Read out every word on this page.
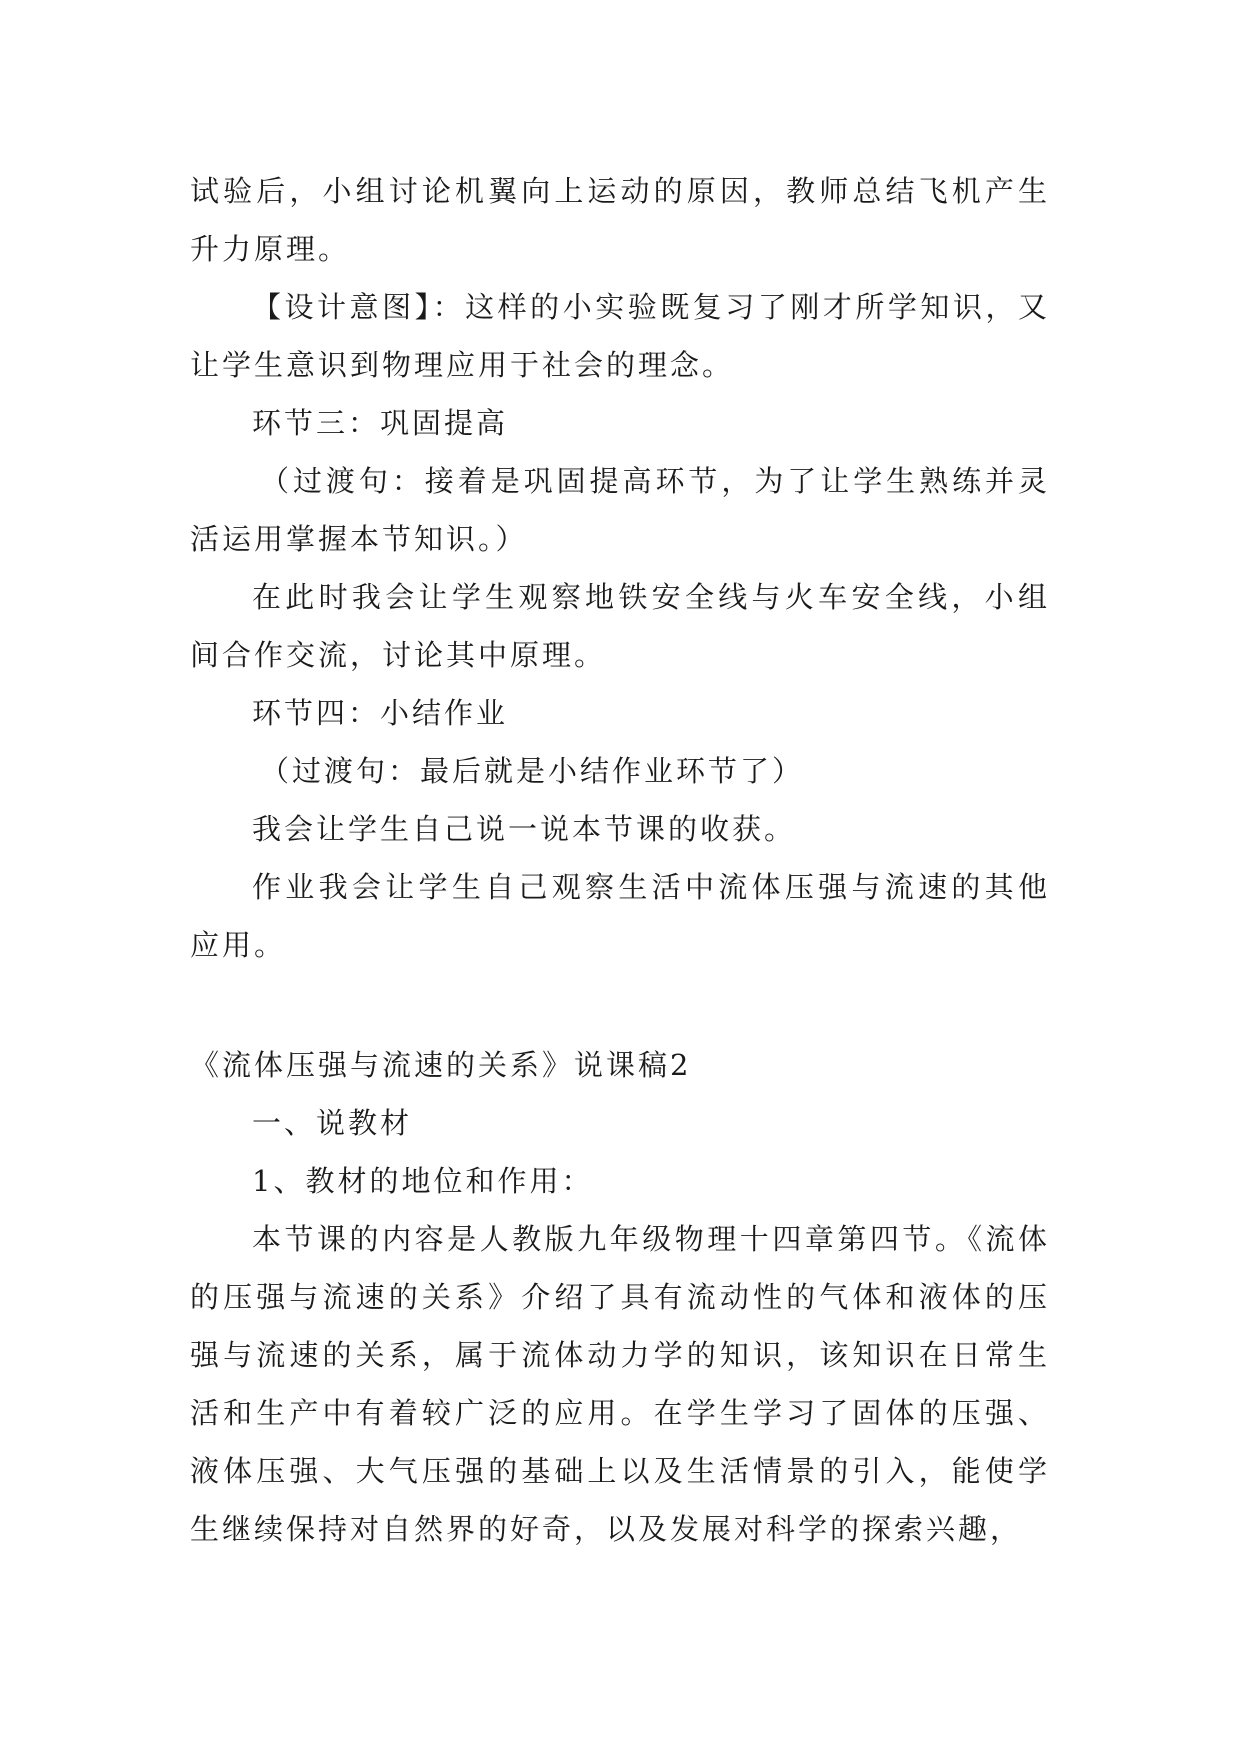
试验后，小组讨论机翼向上运动的原因，教师总结飞机产生升力原理。

【设计意图】：这样的小实验既复习了刚才所学知识，又让学生意识到物理应用于社会的理念。

环节三：巩固提高

（过渡句：接着是巩固提高环节，为了让学生熟练并灵活运用掌握本节知识。）

在此时我会让学生观察地铁安全线与火车安全线，小组间合作交流，讨论其中原理。

环节四：小结作业

（过渡句：最后就是小结作业环节了）

我会让学生自己说一说本节课的收获。

作业我会让学生自己观察生活中流体压强与流速的其他应用。

《流体压强与流速的关系》说课稿2

一、说教材

1、教材的地位和作用：

本节课的内容是人教版九年级物理十四章第四节。《流体的压强与流速的关系》介绍了具有流动性的气体和液体的压强与流速的关系，属于流体动力学的知识，该知识在日常生活和生产中有着较广泛的应用。在学生学习了固体的压强、液体压强、大气压强的基础上以及生活情景的引入，能使学生继续保持对自然界的好奇，以及发展对科学的探索兴趣，
